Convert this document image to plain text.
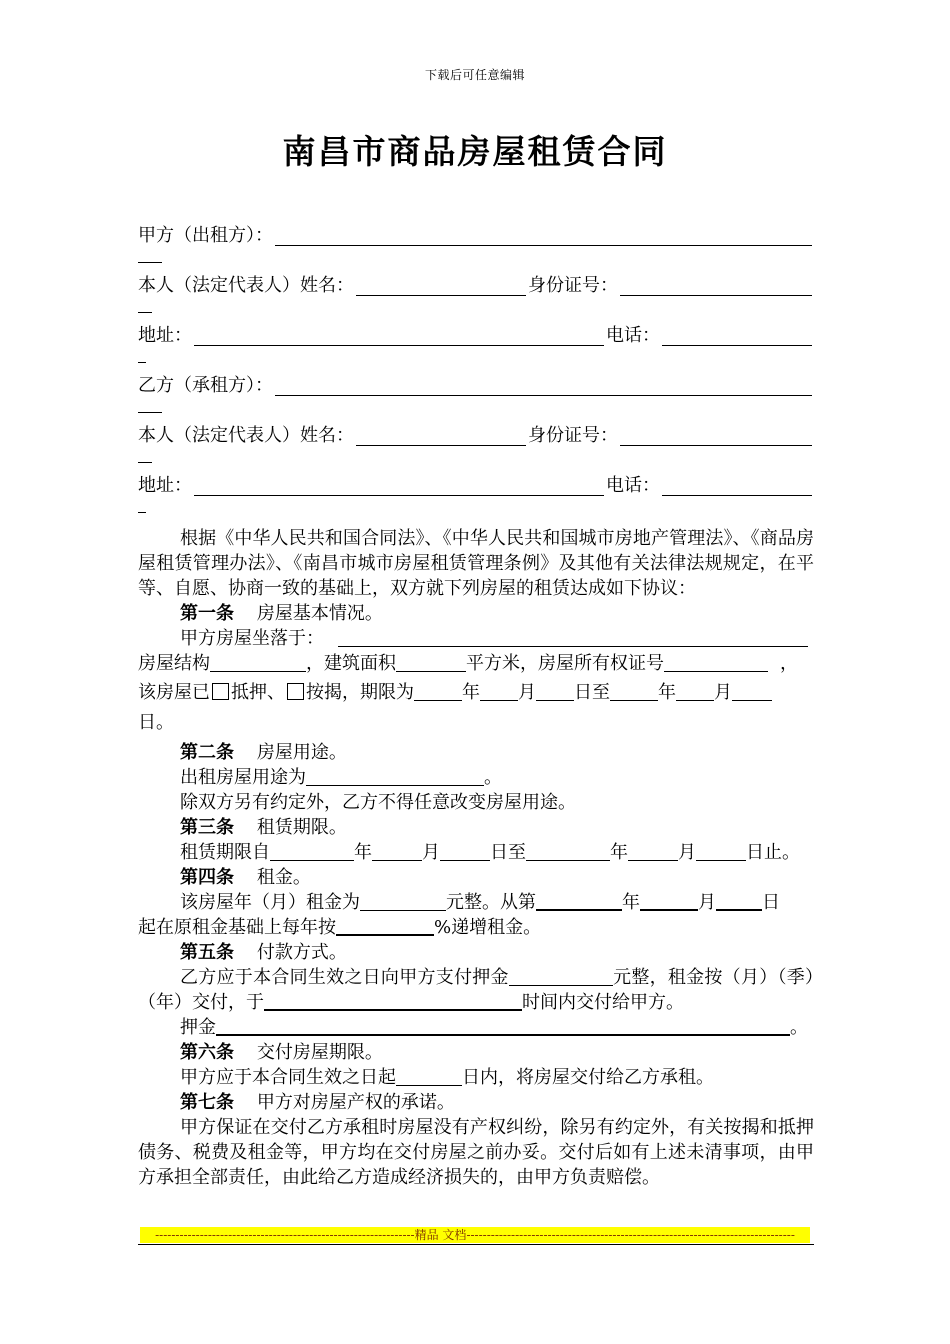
下载后可任意编辑
南昌市商品房屋租赁合同
甲方（出租方）：
本人（法定代表人）姓名：	身份证号：
地址：	电话：
乙方（承租方）：
本人（法定代表人）姓名：	身份证号：
地址：	电话：

根据《中华人民共和国合同法》、《中华人民共和国城市房地产管理法》、《商品房屋租赁管理办法》、《南昌市城市房屋租赁管理条例》及其他有关法律法规规定，在平等、自愿、协商一致的基础上，双方就下列房屋的租赁达成如下协议：

第一条 房屋基本情况。

甲方房屋坐落于：

房屋结构	，建筑面积	平方米，房屋所有权证号	，

该房屋已 抵押、 按揭，期限为	年 月 日至	年 月

日。

第二条 房屋用途。

出租房屋用途为	。

除双方另有约定外，乙方不得任意改变房屋用途。

第三条 租赁期限。

租赁期限自	年	月	日至	年	月	日止。

第四条 租金。

该房屋年（月）租金为	元整。从第	年	月	日

起在原租金基础上每年按	%递增租金。

第五条 付款方式。

乙方应于本合同生效之日向甲方支付押金	元整，租金按（月）（季）（年）交付，于	时间内交付给甲方。

押金	。

第六条 交付房屋期限。

甲方应于本合同生效之日起	日内，将房屋交付给乙方承租。

第七条 甲方对房屋产权的承诺。

甲方保证在交付乙方承租时房屋没有产权纠纷，除另有约定外，有关按揭和抵押债务、税费及租金等，甲方均在交付房屋之前办妥。交付后如有上述未清事项，由甲方承担全部责任，由此给乙方造成经济损失的，由甲方负责赔偿。

----------------------------------------------------------------精品 文档---------------------------------------------------------------------------------
